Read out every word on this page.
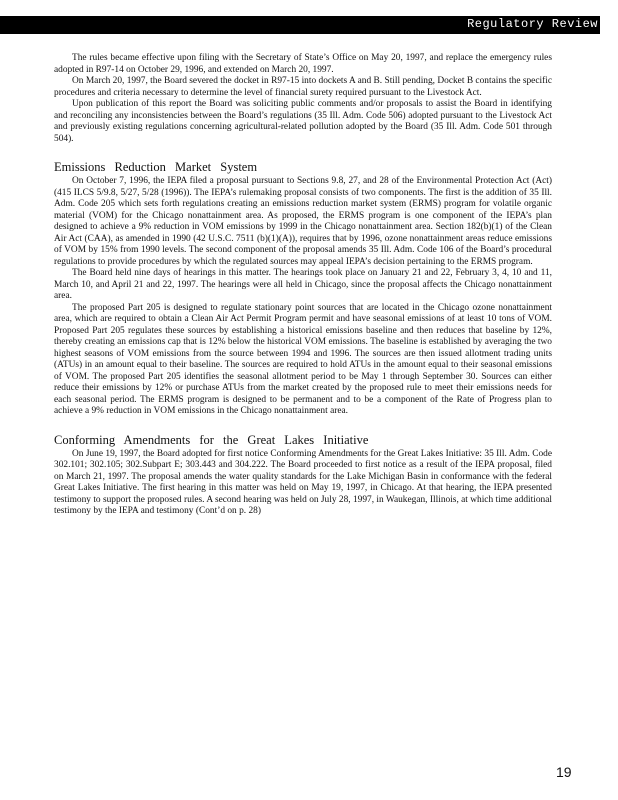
Regulatory Review

The rules became effective upon filing with the Secretary of State’s Office on May 20, 1997, and replace the emergency rules adopted in R97-14 on October 29, 1996, and extended on March 20, 1997.

On March 20, 1997, the Board severed the docket in R97-15 into dockets A and B. Still pending, Docket B contains the specific procedures and criteria necessary to determine the level of financial surety required pursuant to the Livestock Act.

Upon publication of this report the Board was soliciting public comments and/or proposals to assist the Board in identifying and reconciling any inconsistencies between the Board’s regulations (35 Ill. Adm. Code 506) adopted pursuant to the Livestock Act and previously existing regulations concerning agricultural-related pollution adopted by the Board (35 Ill. Adm. Code 501 through 504).

Emissions Reduction Market System

On October 7, 1996, the IEPA filed a proposal pursuant to Sections 9.8, 27, and 28 of the Environmental Protection Act (Act) (415 ILCS 5/9.8, 5/27, 5/28 (1996)). The IEPA’s rulemaking proposal consists of two components. The first is the addition of 35 Ill. Adm. Code 205 which sets forth regulations creating an emissions reduction market system (ERMS) program for volatile organic material (VOM) for the Chicago nonattainment area. As proposed, the ERMS program is one component of the IEPA’s plan designed to achieve a 9% reduction in VOM emissions by 1999 in the Chicago nonattainment area. Section 182(b)(1) of the Clean Air Act (CAA), as amended in 1990 (42 U.S.C. 7511 (b)(1)(A)), requires that by 1996, ozone nonattainment areas reduce emissions of VOM by 15% from 1990 levels. The second component of the proposal amends 35 Ill. Adm. Code 106 of the Board’s procedural regulations to provide procedures by which the regulated sources may appeal IEPA’s decision pertaining to the ERMS program.

The Board held nine days of hearings in this matter. The hearings took place on January 21 and 22, February 3, 4, 10 and 11, March 10, and April 21 and 22, 1997. The hearings were all held in Chicago, since the proposal affects the Chicago nonattainment area.

The proposed Part 205 is designed to regulate stationary point sources that are located in the Chicago ozone nonattainment area, which are required to obtain a Clean Air Act Permit Program permit and have seasonal emissions of at least 10 tons of VOM. Proposed Part 205 regulates these sources by establishing a historical emissions baseline and then reduces that baseline by 12%, thereby creating an emissions cap that is 12% below the historical VOM emissions. The baseline is established by averaging the two highest seasons of VOM emissions from the source between 1994 and 1996. The sources are then issued allotment trading units (ATUs) in an amount equal to their baseline. The sources are required to hold ATUs in the amount equal to their seasonal emissions of VOM. The proposed Part 205 identifies the seasonal allotment period to be May 1 through September 30. Sources can either reduce their emissions by 12% or purchase ATUs from the market created by the proposed rule to meet their emissions needs for each seasonal period. The ERMS program is designed to be permanent and to be a component of the Rate of Progress plan to achieve a 9% reduction in VOM emissions in the Chicago nonattainment area.

Conforming Amendments for the Great Lakes Initiative

On June 19, 1997, the Board adopted for first notice Conforming Amendments for the Great Lakes Initiative: 35 Ill. Adm. Code 302.101; 302.105; 302.Subpart E; 303.443 and 304.222. The Board proceeded to first notice as a result of the IEPA proposal, filed on March 21, 1997. The proposal amends the water quality standards for the Lake Michigan Basin in conformance with the federal Great Lakes Initiative. The first hearing in this matter was held on May 19, 1997, in Chicago. At that hearing, the IEPA presented testimony to support the proposed rules. A second hearing was held on July 28, 1997, in Waukegan, Illinois, at which time additional testimony by the IEPA and testimony (Cont’d on p. 28)

19
